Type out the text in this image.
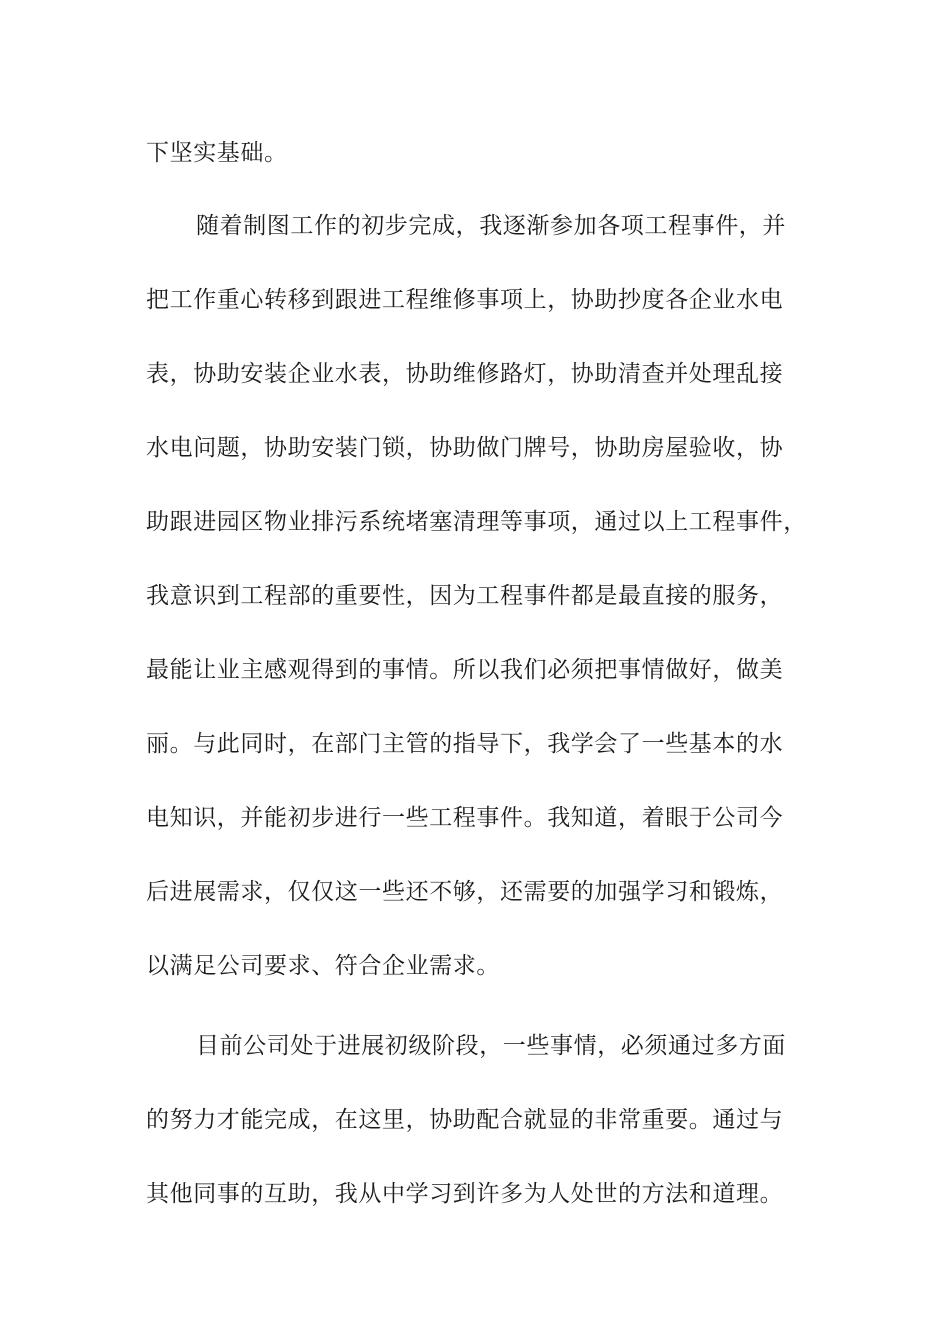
下坚实基础。
随着制图工作的初步完成，我逐渐参加各项工程事件，并
把工作重心转移到跟进工程维修事项上，协助抄度各企业水电
表，协助安装企业水表，协助维修路灯，协助清查并处理乱接
水电问题，协助安装门锁，协助做门牌号，协助房屋验收，协
助跟进园区物业排污系统堵塞清理等事项，通过以上工程事件，
我意识到工程部的重要性，因为工程事件都是最直接的服务，
最能让业主感观得到的事情。所以我们必须把事情做好，做美
丽。与此同时，在部门主管的指导下，我学会了一些基本的水
电知识，并能初步进行一些工程事件。我知道，着眼于公司今
后进展需求，仅仅这一些还不够，还需要的加强学习和锻炼，
以满足公司要求、符合企业需求。
目前公司处于进展初级阶段，一些事情，必须通过多方面
的努力才能完成，在这里，协助配合就显的非常重要。通过与
其他同事的互助，我从中学习到许多为人处世的方法和道理。
